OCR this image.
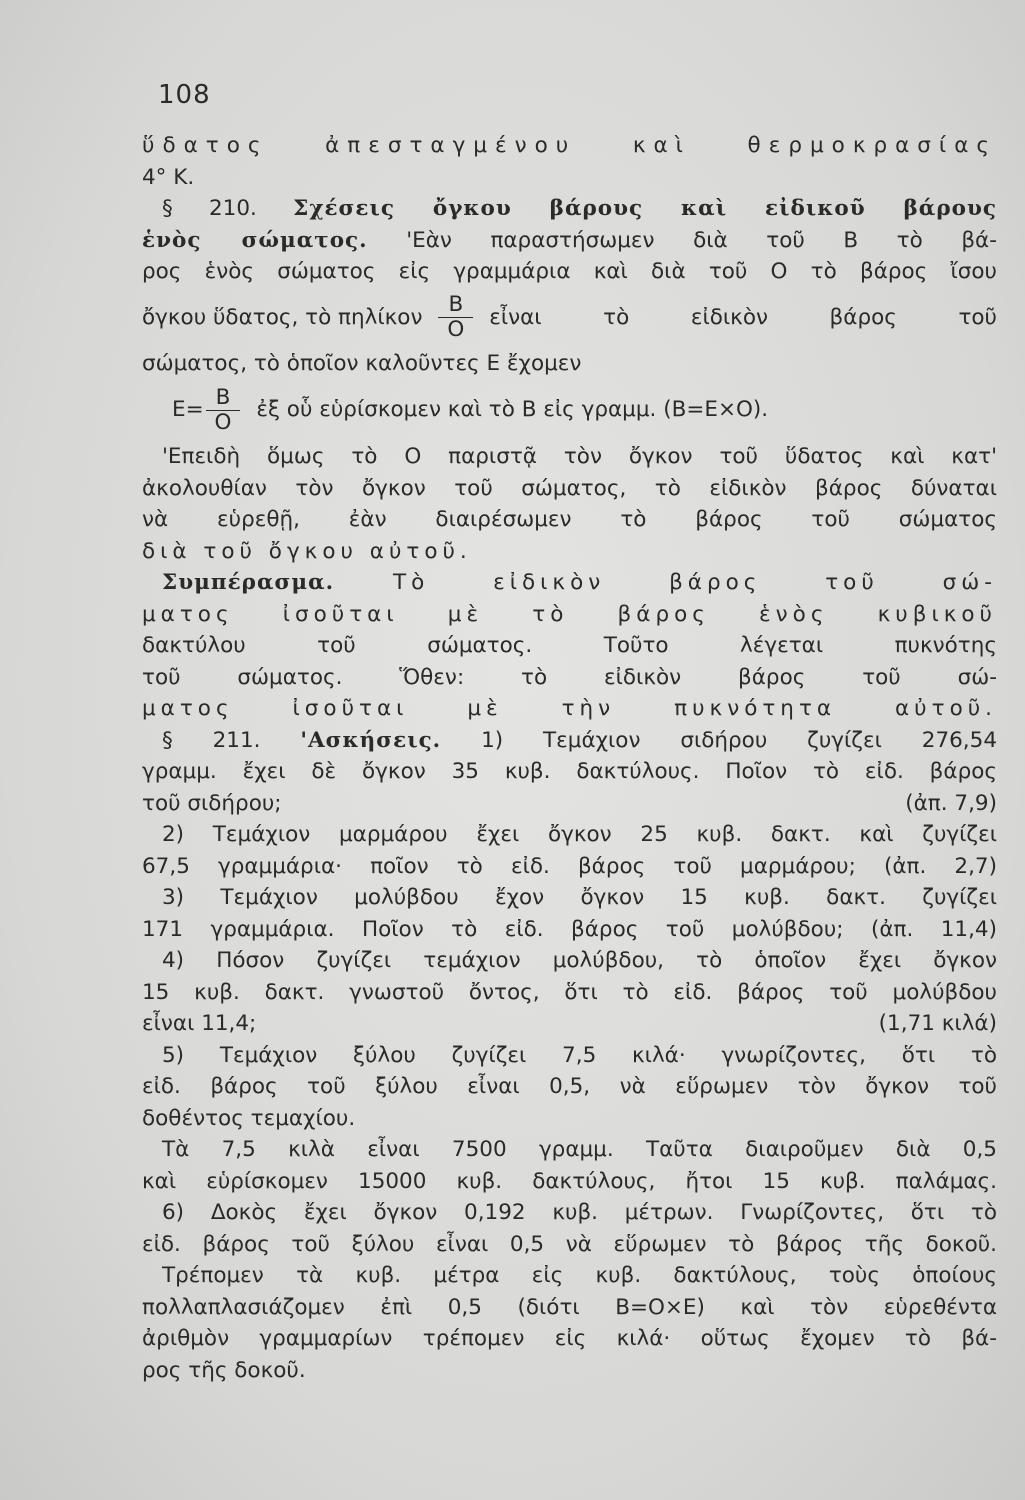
108
ὕδατος ἀπεσταγμένου καὶ θερμοκρασίας
4° K.
§ 210. Σχέσεις ὄγκου βάρους καὶ εἰδικοῦ βάρους
ἑνὸς σώματος. 'Εὰν παραστήσωμεν διὰ τοῦ Β τὸ βά-
ρος ἑνὸς σώματος εἰς γραμμάρια καὶ διὰ τοῦ Ο τὸ βάρος ἴσου
ὄγκου ὕδατος, τὸ πηλίκον $\frac{B}{O}$ εἶναι τὸ εἰδικὸν βάρος τοῦ
σώματος, τὸ ὁποῖον καλοῦντες Ε ἔχομεν
$E= \frac{B}{O}$ ἐξ οὗ εὑρίσκομεν καὶ τὸ Β εἰς γραμμ. (Β=Ε×Ο).
'Επειδὴ ὅμως τὸ Ο παριστᾷ τὸν ὄγκον τοῦ ὕδατος καὶ κατ'
ἀκολουθίαν τὸν ὄγκον τοῦ σώματος, τὸ εἰδικὸν βάρος δύναται
νὰ εὑρεθῇ, ἐὰν διαιρέσωμεν τὸ βάρος τοῦ σώματος
διὰ τοῦ ὄγκου αὐτοῦ.
Συμπέρασμα.	Τὸ εἰδικὸν βάρος τοῦ σώ-
ματος ἰσοῦται μὲ τὸ βάρος ἑνὸς κυβικοῦ
δακτύλου τοῦ σώματος. Τοῦτο λέγεται πυκνότης
τοῦ σώματος. Ὅθεν: τὸ εἰδικὸν βάρος τοῦ σώ-
ματος ἰσοῦται μὲ τὴν πυκνότητα αὐτοῦ.
§ 211. 'Ασκήσεις. 1) Τεμάχιον σιδήρου ζυγίζει 276,54
γραμμ. ἔχει δὲ ὄγκον 35 κυβ. δακτύλους. Ποῖον τὸ εἰδ. βάρος
τοῦ σιδήρου;	(ἀπ. 7,9)
2) Τεμάχιον μαρμάρου ἔχει ὄγκον 25 κυβ. δακτ. καὶ ζυγίζει
67,5 γραμμάρια· ποῖον τὸ εἰδ. βάρος τοῦ μαρμάρου; (ἀπ. 2,7)
3) Τεμάχιον μολύβδου ἔχον ὄγκον 15 κυβ. δακτ. ζυγίζει
171 γραμμάρια. Ποῖον τὸ εἰδ. βάρος τοῦ μολύβδου; (ἀπ. 11,4)
4) Πόσον ζυγίζει τεμάχιον μολύβδου, τὸ ὁποῖον ἔχει ὄγκον
15 κυβ. δακτ. γνωστοῦ ὄντος, ὅτι τὸ εἰδ. βάρος τοῦ μολύβδου
εἶναι 11,4;	(1,71 κιλά)
5) Τεμάχιον ξύλου ζυγίζει 7,5 κιλά· γνωρίζοντες, ὅτι τὸ
εἰδ. βάρος τοῦ ξύλου εἶναι 0,5, νὰ εὕρωμεν τὸν ὄγκον τοῦ
δοθέντος τεμαχίου.
Τὰ 7,5 κιλὰ εἶναι 7500 γραμμ. Ταῦτα διαιροῦμεν διὰ 0,5
καὶ εὑρίσκομεν 15000 κυβ. δακτύλους, ἤτοι 15 κυβ. παλάμας.
6) Δοκὸς ἔχει ὄγκον 0,192 κυβ. μέτρων. Γνωρίζοντες, ὅτι τὸ
εἰδ. βάρος τοῦ ξύλου εἶναι 0,5 νὰ εὕρωμεν τὸ βάρος τῆς δοκοῦ.
Τρέπομεν τὰ κυβ. μέτρα εἰς κυβ. δακτύλους, τοὺς ὁποίους
πολλαπλασιάζομεν ἐπὶ 0,5 (διότι Β=Ο×Ε) καὶ τὸν εὑρεθέντα
ἀριθμὸν γραμμαρίων τρέπομεν εἰς κιλά· οὕτως ἔχομεν τὸ βά-
ρος τῆς δοκοῦ.
